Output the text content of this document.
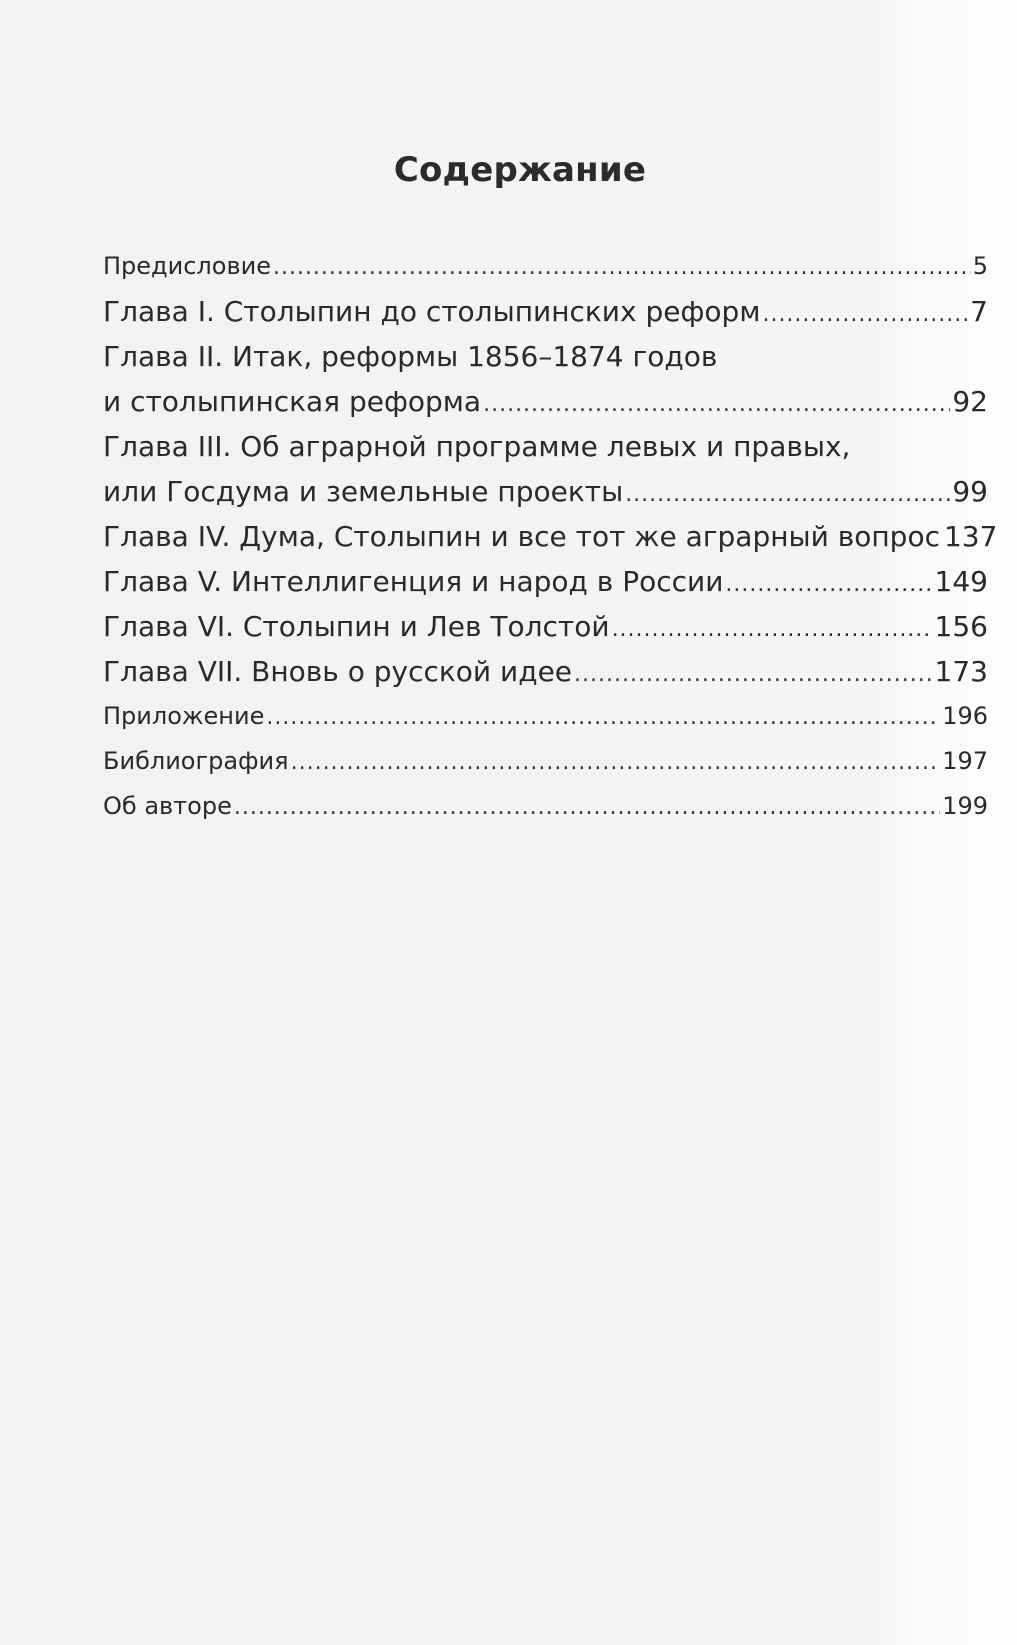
Содержание
Предисловие .....	5
Глава I. Столыпин до столыпинских реформ .....	7
Глава II. Итак, реформы 1856–1874 годов
и столыпинская реформа .....	92
Глава III. Об аграрной программе левых и правых,
или Госдума и земельные проекты .....	99
Глава IV. Дума, Столыпин и все тот же аграрный вопрос 137
Глава V. Интеллигенция и народ в России .....	149
Глава VI. Столыпин и Лев Толстой .....	156
Глава VII. Вновь о русской идее .....	173
Приложение .....	196
Библиография .....	197
Об авторе .....	199
